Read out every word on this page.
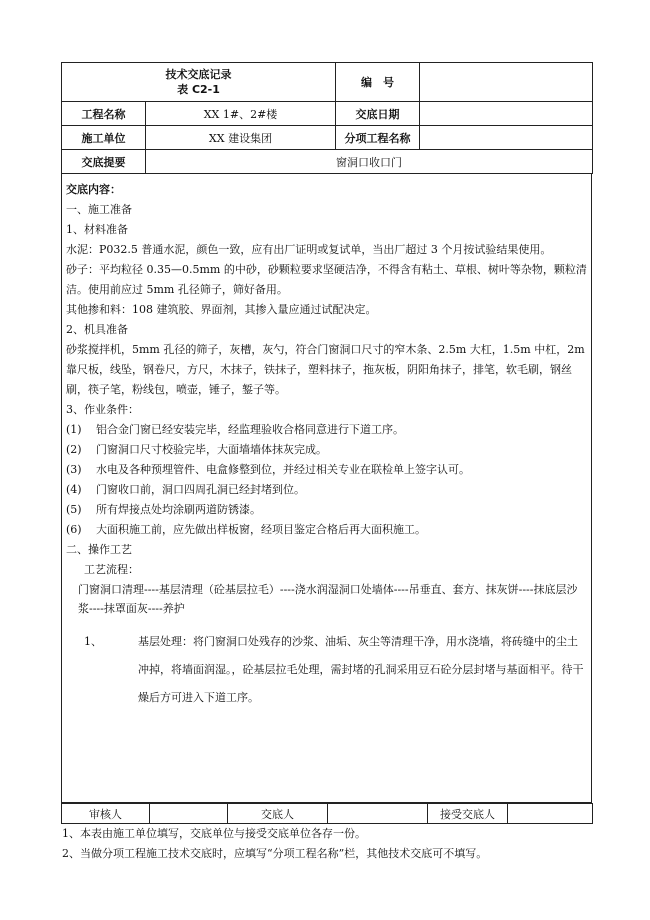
技术交底记录
表 C2-1		编　号	
工程名称	XX 1#、2#楼	交底日期	
施工单位	XX 建设集团	分项工程名称	
交底提要	窗洞口收口门		

交底内容：

一、施工准备

1、材料准备

水泥：P032.5 普通水泥，颜色一致，应有出厂证明或复试单，当出厂超过 3 个月按试验结果使用。

砂子：平均粒径 0.35—0.5mm 的中砂，砂颗粒要求坚硬洁净，不得含有粘土、草根、树叶等杂物，颗粒清洁。使用前应过 5mm 孔径筛子，筛好备用。

其他掺和料：108 建筑胶、界面剂，其掺入量应通过试配决定。

2、机具准备

砂浆搅拌机，5mm 孔径的筛子，灰槽，灰勺，符合门窗洞口尺寸的窄木条、2.5m 大杠，1.5m 中杠，2m 靠尺板，线坠，钢卷尺，方尺，木抹子，铁抹子，塑料抹子，拖灰板，阴阳角抹子，排笔，软毛刷，钢丝刷，筷子笔，粉线包，喷壶，锤子，錾子等。

3、作业条件：

(1)	铝合金门窗已经安装完毕，经监理验收合格同意进行下道工序。
(2)	门窗洞口尺寸校验完毕，大面墙墙体抹灰完成。
(3)	水电及各种预埋管件、电盒修整到位，并经过相关专业在联检单上签字认可。
(4)	门窗收口前，洞口四周孔洞已经封堵到位。
(5)	所有焊接点处均涂刷两道防锈漆。
(6)	大面积施工前，应先做出样板窗，经项目鉴定合格后再大面积施工。

二、操作工艺

工艺流程：

门窗洞口清理----基层清理（砼基层拉毛）----浇水润湿洞口处墙体----吊垂直、套方、抹灰饼----抹底层沙浆----抹罩面灰----养护

1、	基层处理：将门窗洞口处残存的沙浆、油垢、灰尘等清理干净，用水浇墙，将砖缝中的尘土冲掉，将墙面润湿。，砼基层拉毛处理，需封堵的孔洞采用豆石砼分层封堵与基面相平。待干燥后方可进入下道工序。
审核人		交底人		接受交底人	

1、本表由施工单位填写，交底单位与接受交底单位各存一份。

2、当做分项工程施工技术交底时，应填写“分项工程名称”栏，其他技术交底可不填写。
